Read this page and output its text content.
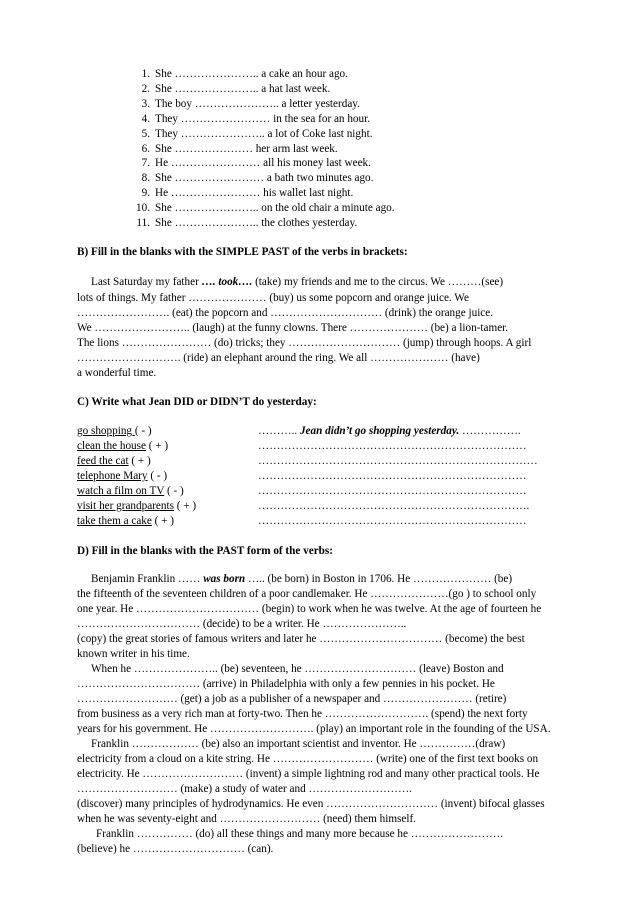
1. She ………………….. a cake an hour ago.
2. She ………………….. a hat last week.
3. The boy ………………….. a letter yesterday.
4. They …………………… in the sea for an hour.
5. They ………………….. a lot of Coke last night.
6. She ………………… her arm last week.
7. He …………………… all his money last week.
8. She …………………… a bath two minutes ago.
9. He …………………… his wallet last night.
10. She ………………….. on the old chair a minute ago.
11. She ………………….. the clothes yesterday.
B) Fill in the blanks with the SIMPLE PAST of the verbs in brackets:
Last Saturday my father …. took…. (take) my friends and me to the circus. We ………(see)
lots of things. My father ………………… (buy) us some popcorn and orange juice. We
……………………. (eat) the popcorn and ………………………… (drink) the orange juice.
We …………………….. (laugh) at the funny clowns. There ………………… (be) a lion-tamer.
The lions …………………… (do) tricks; they ………………………… (jump) through hoops. A girl
………………………. (ride) an elephant around the ring. We all ………………… (have)
a wonderful time.
C) Write what Jean DID or DIDN’T do yesterday:
go shopping ( - )	……….. Jean didn’t go shopping yesterday. …………….
clean the house ( + )	………………………………………………………………
feed the cat ( + )	…………………………………………………………………
telephone Mary ( - )	………………………………………………………………
watch a film on TV ( - )	………………………………………………………………
visit her grandparents ( + )	……………………………………………………………….
take them a cake ( + )	………………………………………………………………
D) Fill in the blanks with the PAST form of the verbs:
Benjamin Franklin …… was born ….. (be born) in Boston in 1706. He ………………… (be)
the fifteenth of the seventeen children of a poor candlemaker. He …………………(go ) to school only
one year. He …………………………… (begin) to work when he was twelve. At the age of fourteen he
…………………………… (decide) to be a writer. He …………………..
(copy) the great stories of famous writers and later he …………………………… (become) the best
known writer in his time.
When he ………………….. (be) seventeen, he ………………………… (leave) Boston and
…………………………… (arrive) in Philadelphia with only a few pennies in his pocket. He
……………………… (get) a job as a publisher of a newspaper and …………………… (retire)
from business as a very rich man at forty-two. Then he ………………………. (spend) the next forty
years for his government. He ………………………. (play) an important role in the founding of the USA.
Franklin ……………… (be) also an important scientist and inventor. He ……………(draw)
electricity from a cloud on a kite string. He ……………………… (write) one of the first text books on
electricity. He ……………………… (invent) a simple lightning rod and many other practical tools. He
……………………… (make) a study of water and ……………………….
(discover) many principles of hydrodynamics. He even ………………………… (invent) bifocal glasses
when he was seventy-eight and ……………………… (need) them himself.
Franklin …………… (do) all these things and many more because he …………………….
(believe) he ………………………… (can).
